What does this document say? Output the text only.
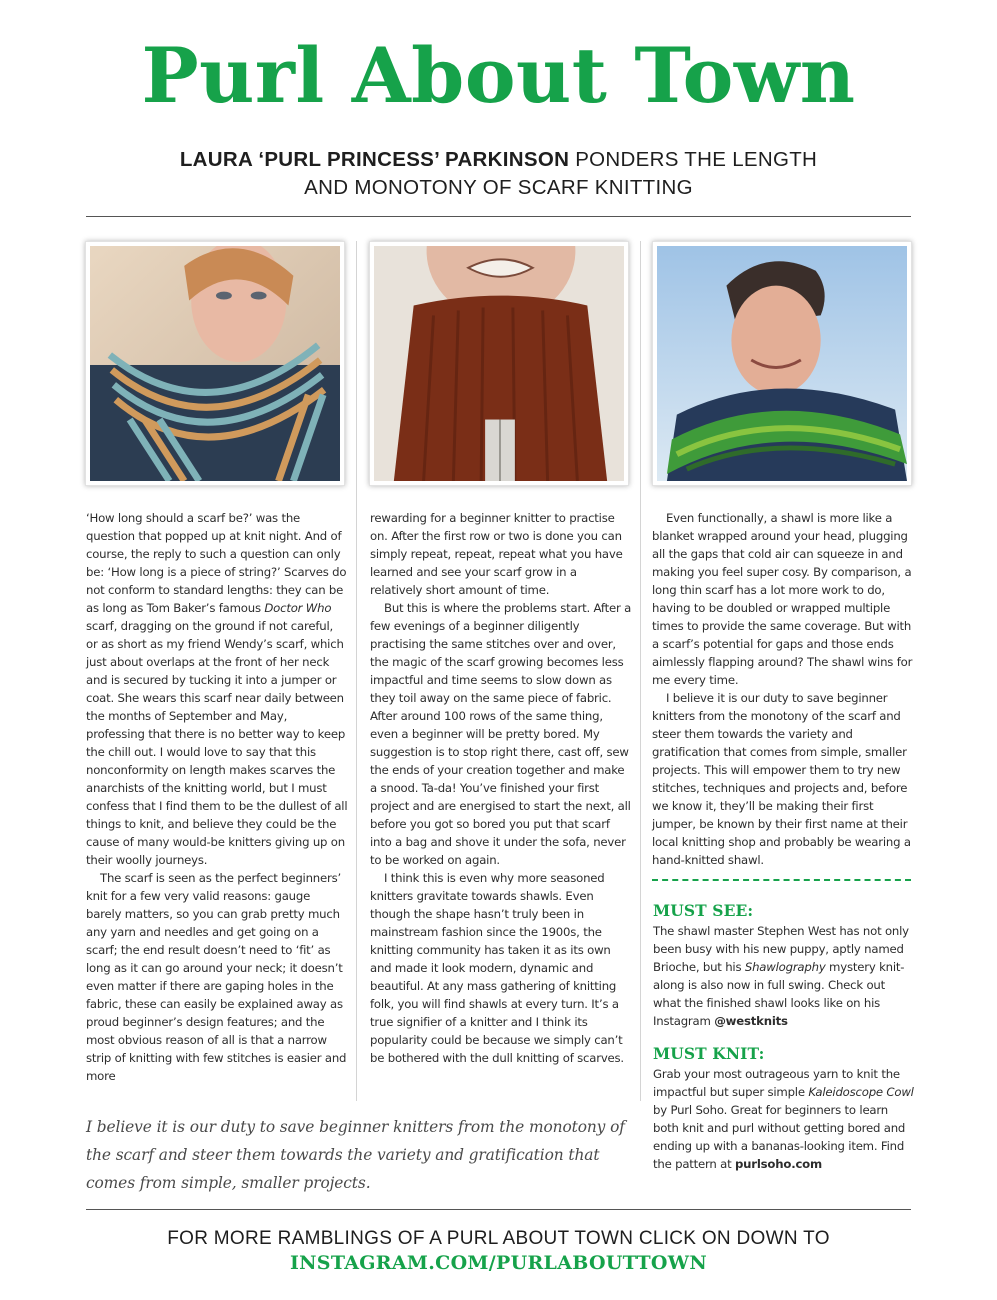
Purl About Town
LAURA ‘PURL PRINCESS’ PARKINSON PONDERS THE LENGTH
AND MONOTONY OF SCARF KNITTING

‘How long should a scarf be?’ was the question that popped up at knit night. And of course, the reply to such a question can only be: ‘How long is a piece of string?’ Scarves do not conform to standard lengths: they can be as long as Tom Baker’s famous Doctor Who scarf, dragging on the ground if not careful, or as short as my friend Wendy’s scarf, which just about overlaps at the front of her neck and is secured by tucking it into a jumper or coat. She wears this scarf near daily between the months of September and May, professing that there is no better way to keep the chill out. I would love to say that this nonconformity on length makes scarves the anarchists of the knitting world, but I must confess that I find them to be the dullest of all things to knit, and believe they could be the cause of many would-be knitters giving up on their woolly journeys.

The scarf is seen as the perfect beginners’ knit for a few very valid reasons: gauge barely matters, so you can grab pretty much any yarn and needles and get going on a scarf; the end result doesn’t need to ‘fit’ as long as it can go around your neck; it doesn’t even matter if there are gaping holes in the fabric, these can easily be explained away as proud beginner’s design features; and the most obvious reason of all is that a narrow strip of knitting with few stitches is easier and more

rewarding for a beginner knitter to practise on. After the first row or two is done you can simply repeat, repeat, repeat what you have learned and see your scarf grow in a relatively short amount of time.

But this is where the problems start. After a few evenings of a beginner diligently practising the same stitches over and over, the magic of the scarf growing becomes less impactful and time seems to slow down as they toil away on the same piece of fabric. After around 100 rows of the same thing, even a beginner will be pretty bored. My suggestion is to stop right there, cast off, sew the ends of your creation together and make a snood. Ta-da! You’ve finished your first project and are energised to start the next, all before you got so bored you put that scarf into a bag and shove it under the sofa, never to be worked on again.

I think this is even why more seasoned knitters gravitate towards shawls. Even though the shape hasn’t truly been in mainstream fashion since the 1900s, the knitting community has taken it as its own and made it look modern, dynamic and beautiful. At any mass gathering of knitting folk, you will find shawls at every turn. It’s a true signifier of a knitter and I think its popularity could be because we simply can’t be bothered with the dull knitting of scarves.

Even functionally, a shawl is more like a blanket wrapped around your head, plugging all the gaps that cold air can squeeze in and making you feel super cosy. By comparison, a long thin scarf has a lot more work to do, having to be doubled or wrapped multiple times to provide the same coverage. But with a scarf’s potential for gaps and those ends aimlessly flapping around? The shawl wins for me every time.

I believe it is our duty to save beginner knitters from the monotony of the scarf and steer them towards the variety and gratification that comes from simple, smaller projects. This will empower them to try new stitches, techniques and projects and, before we know it, they’ll be making their first jumper, be known by their first name at their local knitting shop and probably be wearing a hand-knitted shawl.

MUST SEE:
The shawl master Stephen West has not only been busy with his new puppy, aptly named Brioche, but his Shawlography mystery knit-along is also now in full swing. Check out what the finished shawl looks like on his Instagram @westknits
MUST KNIT:
Grab your most outrageous yarn to knit the impactful but super simple Kaleidoscope Cowl by Purl Soho. Great for beginners to learn both knit and purl without getting bored and ending up with a bananas-looking item. Find the pattern at purlsoho.com
I believe it is our duty to save beginner knitters from the monotony of the scarf and steer them towards the variety and gratification that comes from simple, smaller projects.
FOR MORE RAMBLINGS OF A PURL ABOUT TOWN CLICK ON DOWN TO
INSTAGRAM.COM/PURLABOUTTOWN
